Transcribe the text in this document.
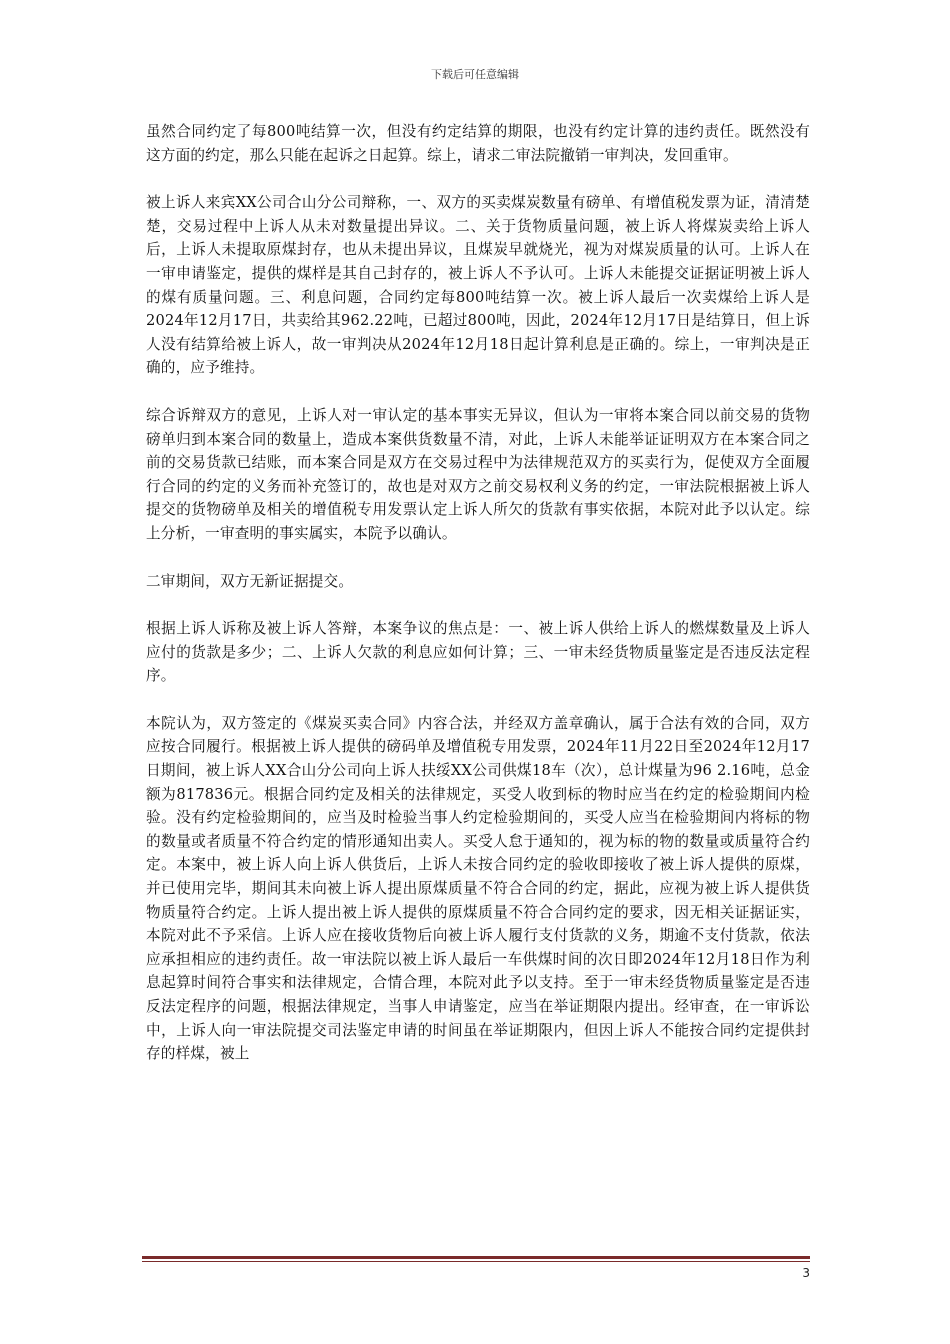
下载后可任意编辑

虽然合同约定了每800吨结算一次，但没有约定结算的期限，也没有约定计算的违约责任。既然没有这方面的约定，那么只能在起诉之日起算。综上，请求二审法院撤销一审判决，发回重审。

被上诉人来宾XX公司合山分公司辩称，一、双方的买卖煤炭数量有磅单、有增值税发票为证，清清楚楚，交易过程中上诉人从未对数量提出异议。二、关于货物质量问题，被上诉人将煤炭卖给上诉人后，上诉人未提取原煤封存，也从未提出异议，且煤炭早就烧光，视为对煤炭质量的认可。上诉人在一审申请鉴定，提供的煤样是其自己封存的，被上诉人不予认可。上诉人未能提交证据证明被上诉人的煤有质量问题。三、利息问题，合同约定每800吨结算一次。被上诉人最后一次卖煤给上诉人是2024年12月17日，共卖给其962.22吨，已超过800吨，因此，2024年12月17日是结算日，但上诉人没有结算给被上诉人，故一审判决从2024年12月18日起计算利息是正确的。综上，一审判决是正确的，应予维持。

综合诉辩双方的意见，上诉人对一审认定的基本事实无异议，但认为一审将本案合同以前交易的货物磅单归到本案合同的数量上，造成本案供货数量不清，对此，上诉人未能举证证明双方在本案合同之前的交易货款已结账，而本案合同是双方在交易过程中为法律规范双方的买卖行为，促使双方全面履行合同的约定的义务而补充签订的，故也是对双方之前交易权利义务的约定，一审法院根据被上诉人提交的货物磅单及相关的增值税专用发票认定上诉人所欠的货款有事实依据，本院对此予以认定。综上分析，一审查明的事实属实，本院予以确认。

二审期间，双方无新证据提交。

根据上诉人诉称及被上诉人答辩，本案争议的焦点是：一、被上诉人供给上诉人的燃煤数量及上诉人应付的货款是多少；二、上诉人欠款的利息应如何计算；三、一审未经货物质量鉴定是否违反法定程序。

本院认为，双方签定的《煤炭买卖合同》内容合法，并经双方盖章确认，属于合法有效的合同，双方应按合同履行。根据被上诉人提供的磅码单及增值税专用发票，2024年11月22日至2024年12月17日期间，被上诉人XX合山分公司向上诉人扶绥XX公司供煤18车（次），总计煤量为96 2.16吨，总金额为817836元。根据合同约定及相关的法律规定，买受人收到标的物时应当在约定的检验期间内检验。没有约定检验期间的，应当及时检验当事人约定检验期间的，买受人应当在检验期间内将标的物的数量或者质量不符合约定的情形通知出卖人。买受人怠于通知的，视为标的物的数量或质量符合约定。本案中，被上诉人向上诉人供货后，上诉人未按合同约定的验收即接收了被上诉人提供的原煤，并已使用完毕，期间其未向被上诉人提出原煤质量不符合合同的约定，据此，应视为被上诉人提供货物质量符合约定。上诉人提出被上诉人提供的原煤质量不符合合同约定的要求，因无相关证据证实，本院对此不予采信。上诉人应在接收货物后向被上诉人履行支付货款的义务，期逾不支付货款，依法应承担相应的违约责任。故一审法院以被上诉人最后一车供煤时间的次日即2024年12月18日作为利息起算时间符合事实和法律规定，合情合理，本院对此予以支持。至于一审未经货物质量鉴定是否违反法定程序的问题，根据法律规定，当事人申请鉴定，应当在举证期限内提出。经审查，在一审诉讼中，上诉人向一审法院提交司法鉴定申请的时间虽在举证期限内，但因上诉人不能按合同约定提供封存的样煤，被上

3
